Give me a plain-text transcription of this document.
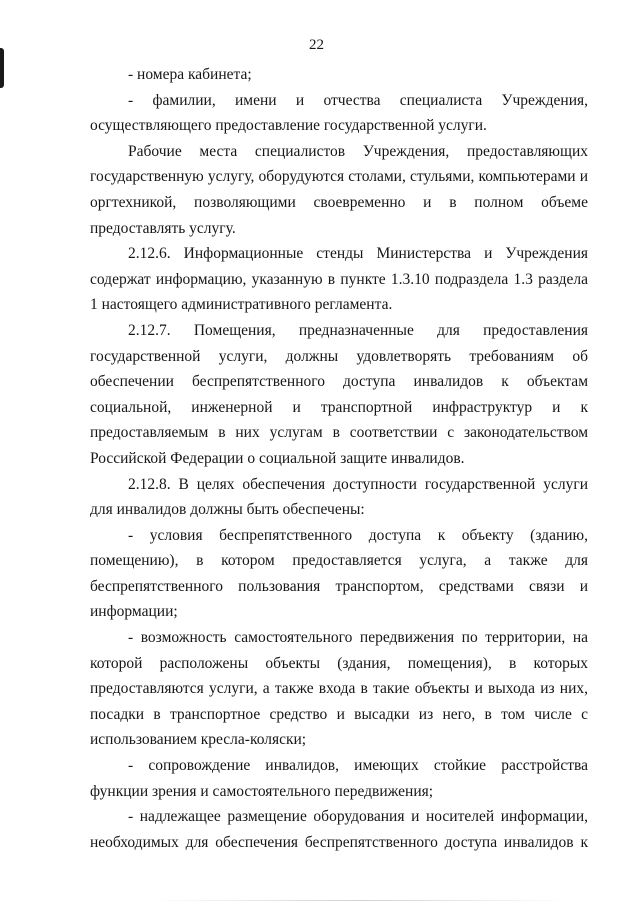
22

- номера кабинета;

- фамилии, имени и отчества специалиста Учреждения, осуществляющего предоставление государственной услуги.

Рабочие места специалистов Учреждения, предоставляющих государственную услугу, оборудуются столами, стульями, компьютерами и оргтехникой, позволяющими своевременно и в полном объеме предоставлять услугу.

2.12.6. Информационные стенды Министерства и Учреждения содержат информацию, указанную в пункте 1.3.10 подраздела 1.3 раздела 1 настоящего административного регламента.

2.12.7. Помещения, предназначенные для предоставления государственной услуги, должны удовлетворять требованиям об обеспечении беспрепятственного доступа инвалидов к объектам социальной, инженерной и транспортной инфраструктур и к предоставляемым в них услугам в соответствии с законодательством Российской Федерации о социальной защите инвалидов.

2.12.8. В целях обеспечения доступности государственной услуги для инвалидов должны быть обеспечены:

- условия беспрепятственного доступа к объекту (зданию, помещению), в котором предоставляется услуга, а также для беспрепятственного пользования транспортом, средствами связи и информации;

- возможность самостоятельного передвижения по территории, на которой расположены объекты (здания, помещения), в которых предоставляются услуги, а также входа в такие объекты и выхода из них, посадки в транспортное средство и высадки из него, в том числе с использованием кресла-коляски;

- сопровождение инвалидов, имеющих стойкие расстройства функции зрения и самостоятельного передвижения;

- надлежащее размещение оборудования и носителей информации, необходимых для обеспечения беспрепятственного доступа инвалидов к
